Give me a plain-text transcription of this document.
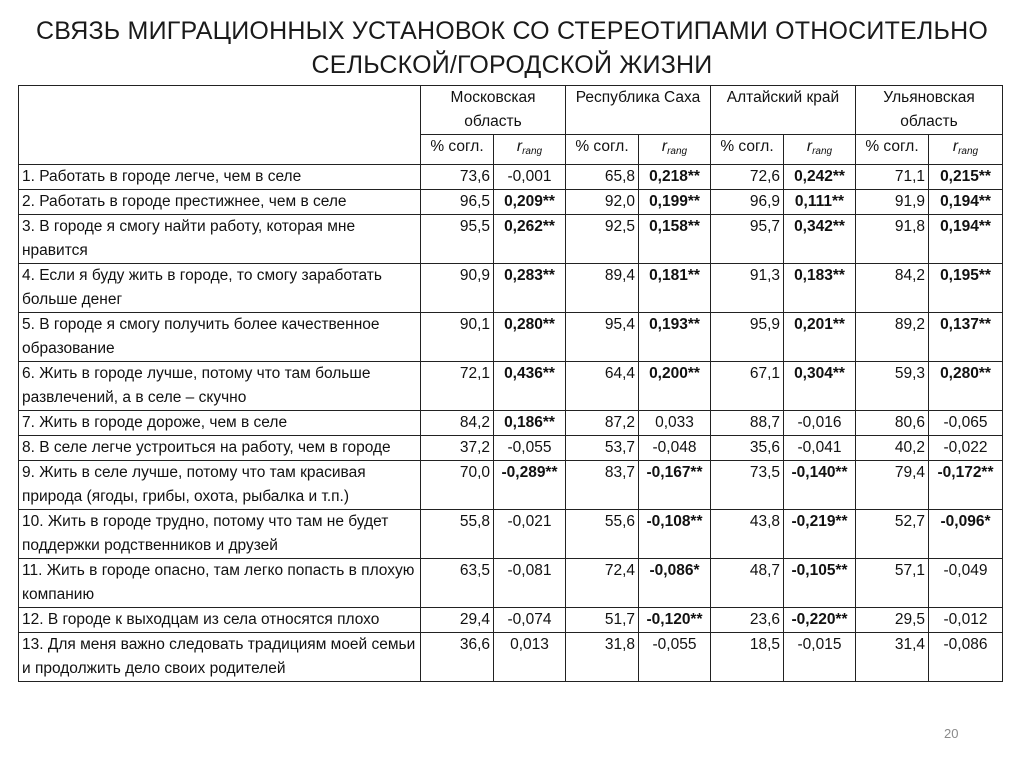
СВЯЗЬ МИГРАЦИОННЫХ УСТАНОВОК СО СТЕРЕОТИПАМИ ОТНОСИТЕЛЬНО
СЕЛЬСКОЙ/ГОРОДСКОЙ ЖИЗНИ
	Московская область		Республика Саха		Алтайский край		Ульяновская область	
	% согл.	$r_{rang}$	% согл.	$r_{rang}$	% согл.	$r_{rang}$	% согл.	$r_{rang}$
1. Работать в городе легче, чем в селе	73,6	-0,001	65,8	0,218**	72,6	0,242**	71,1	0,215**
2. Работать в городе престижнее, чем в селе	96,5	0,209**	92,0	0,199**	96,9	0,111**	91,9	0,194**
3. В городе я смогу найти работу, которая мне нравится	95,5	0,262**	92,5	0,158**	95,7	0,342**	91,8	0,194**
4. Если я буду жить в городе, то смогу заработать больше денег	90,9	0,283**	89,4	0,181**	91,3	0,183**	84,2	0,195**
5. В городе я смогу получить более качественное образование	90,1	0,280**	95,4	0,193**	95,9	0,201**	89,2	0,137**
6. Жить в городе лучше, потому что там больше развлечений, а в селе – скучно	72,1	0,436**	64,4	0,200**	67,1	0,304**	59,3	0,280**
7. Жить в городе дороже, чем в селе	84,2	0,186**	87,2	0,033	88,7	-0,016	80,6	-0,065
8. В селе легче устроиться на работу, чем в городе	37,2	-0,055	53,7	-0,048	35,6	-0,041	40,2	-0,022
9. Жить в селе лучше, потому что там красивая природа (ягоды, грибы, охота, рыбалка и т.п.)	70,0	-0,289**	83,7	-0,167**	73,5	-0,140**	79,4	-0,172**
10. Жить в городе трудно, потому что там не будет поддержки родственников и друзей	55,8	-0,021	55,6	-0,108**	43,8	-0,219**	52,7	-0,096*
11. Жить в городе опасно, там легко попасть в плохую компанию	63,5	-0,081	72,4	-0,086*	48,7	-0,105**	57,1	-0,049
12. В городе к выходцам из села относятся плохо	29,4	-0,074	51,7	-0,120**	23,6	-0,220**	29,5	-0,012
13. Для меня важно следовать традициям моей семьи и продолжить дело своих родителей	36,6	0,013	31,8	-0,055	18,5	-0,015	31,4	-0,086
20
